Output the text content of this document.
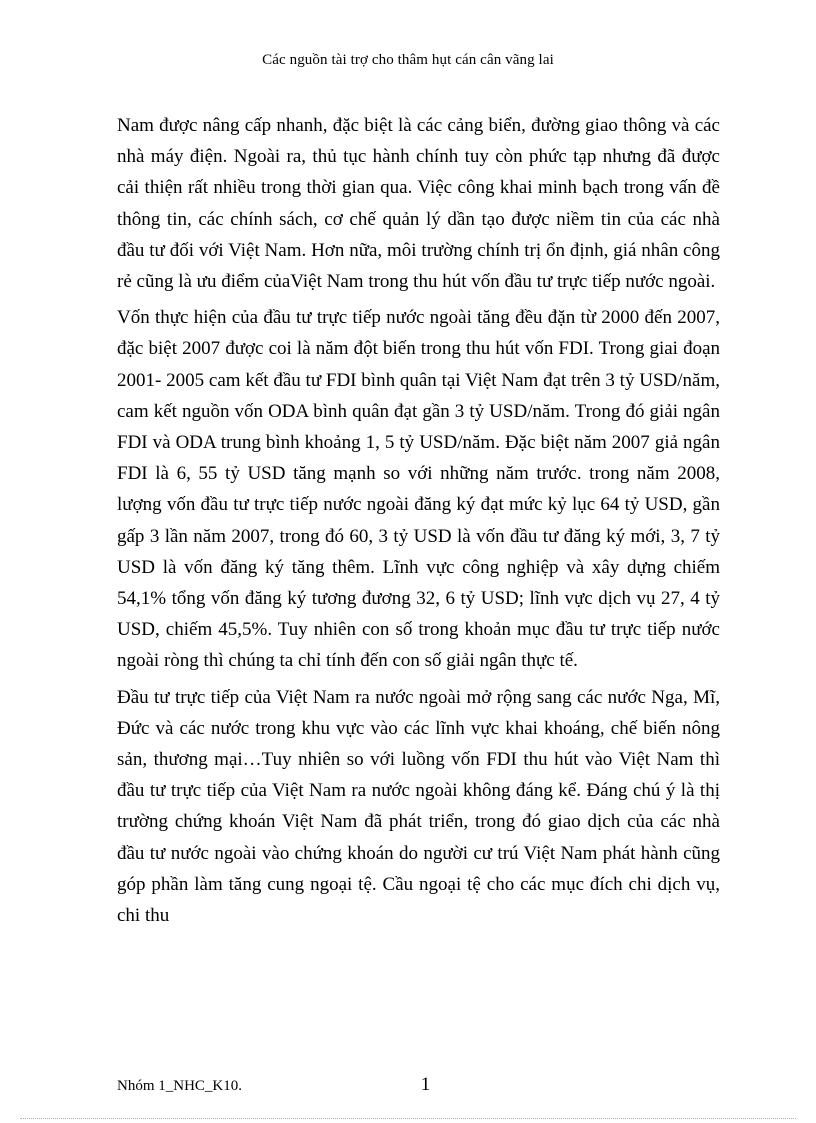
Các nguồn tài trợ cho thâm hụt cán cân vãng lai

Nam được nâng cấp nhanh, đặc biệt là các cảng biển, đường giao thông và các nhà máy điện. Ngoài ra, thủ tục hành chính tuy còn phức tạp nhưng đã được cải thiện rất nhiều trong thời gian qua. Việc công khai minh bạch trong vấn đề thông tin, các chính sách, cơ chế quản lý dần tạo được niềm tin của các nhà đầu tư đối với Việt Nam. Hơn nữa, môi trường chính trị ổn định, giá nhân công rẻ cũng là ưu điểm củaViệt Nam trong thu hút vốn đầu tư trực tiếp nước ngoài.

Vốn thực hiện của đầu tư trực tiếp nước ngoài tăng đều đặn từ 2000 đến 2007, đặc biệt 2007 được coi là năm đột biến trong thu hút vốn FDI. Trong giai đoạn 2001- 2005 cam kết đầu tư FDI bình quân tại Việt Nam đạt trên 3 tỷ USD/năm, cam kết nguồn vốn ODA bình quân đạt gần 3 tỷ USD/năm. Trong đó giải ngân FDI và ODA trung bình khoảng 1, 5 tỷ USD/năm. Đặc biệt năm 2007 giả ngân FDI là 6, 55 tỷ USD tăng mạnh so với những năm trước. trong năm 2008, lượng vốn đầu tư trực tiếp nước ngoài đăng ký đạt mức kỷ lục 64 tỷ USD, gần gấp 3 lần năm 2007, trong đó 60, 3 tỷ USD là vốn đầu tư đăng ký mới, 3, 7 tỷ USD là vốn đăng ký tăng thêm. Lĩnh vực công nghiệp và xây dựng chiếm 54,1% tổng vốn đăng ký tương đương 32, 6 tỷ USD; lĩnh vực dịch vụ 27, 4 tỷ USD, chiếm 45,5%. Tuy nhiên con số trong khoản mục đầu tư trực tiếp nước ngoài ròng thì chúng ta chỉ tính đến con số giải ngân thực tế.

Đầu tư trực tiếp của Việt Nam ra nước ngoài mở rộng sang các nước Nga, Mĩ, Đức và các nước trong khu vực vào các lĩnh vực khai khoáng, chế biến nông sản, thương mại…Tuy nhiên so với luồng vốn FDI thu hút vào Việt Nam thì đầu tư trực tiếp của Việt Nam ra nước ngoài không đáng kể. Đáng chú ý là thị trường chứng khoán Việt Nam đã phát triển, trong đó giao dịch của các nhà đầu tư nước ngoài vào chứng khoán do người cư trú Việt Nam phát hành cũng góp phần làm tăng cung ngoại tệ. Cầu ngoại tệ cho các mục đích chi dịch vụ, chi thu

Nhóm 1_NHC_K10.	1
